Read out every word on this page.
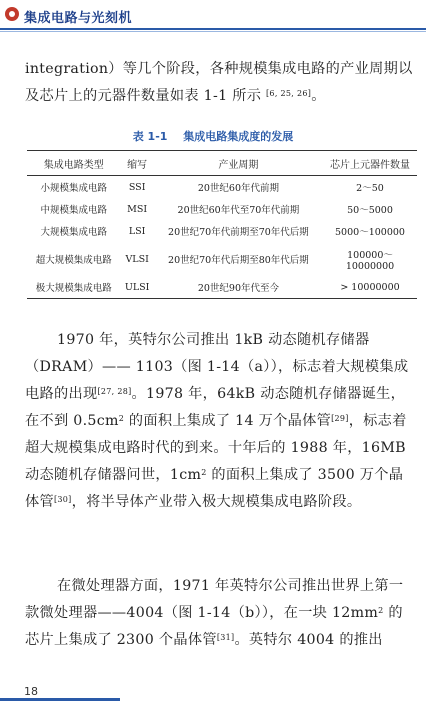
集成电路与光刻机
integration）等几个阶段，各种规模集成电路的产业周期以及芯片上的元器件数量如表 1-1 所示 [6, 25, 26]。
表 1-1 集成电路集成度的发展
集成电路类型	缩写	产业周期	芯片上元器件数量
小规模集成电路	SSI	20世纪60年代前期	2～50
中规模集成电路	MSI	20世纪60年代至70年代前期	50～5000
大规模集成电路	LSI	20世纪70年代前期至70年代后期	5000～100000
超大规模集成电路	VLSI	20世纪70年代后期至80年代后期	100000～10000000
极大规模集成电路	ULSI	20世纪90年代至今	> 10000000
1970 年，英特尔公司推出 1kB 动态随机存储器（DRAM）—— 1103（图 1-14（a）），标志着大规模集成电路的出现[27, 28]。1978 年，64kB 动态随机存储器诞生，在不到 $0.5cm^2$ 的面积上集成了 14 万个晶体管[29]，标志着超大规模集成电路时代的到来。十年后的 1988 年，16MB 动态随机存储器问世，$1cm^2$ 的面积上集成了 3500 万个晶体管[30]，将半导体产业带入极大规模集成电路阶段。
在微处理器方面，1971 年英特尔公司推出世界上第一款微处理器——4004（图 1-14（b）），在一块 $12mm^2$ 的芯片上集成了 2300 个晶体管[31]。英特尔 4004 的推出
18
